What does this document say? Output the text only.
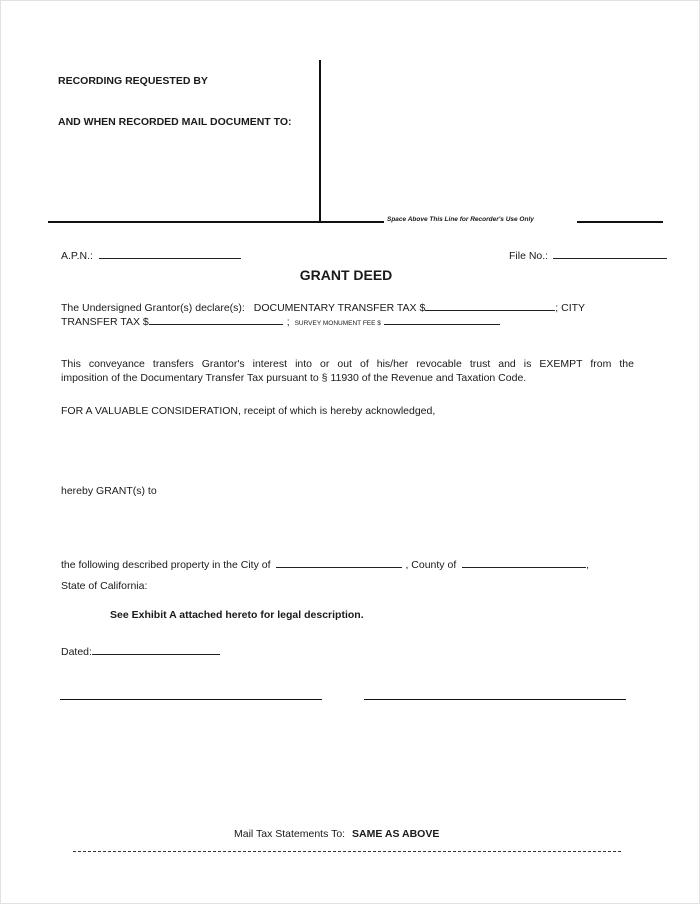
RECORDING REQUESTED BY
AND WHEN RECORDED MAIL DOCUMENT TO:
Space Above This Line for Recorder's Use Only
A.P.N.:	File No.:
GRANT DEED
The Undersigned Grantor(s) declare(s): DOCUMENTARY TRANSFER TAX $	; CITY
TRANSFER TAX $	; SURVEY MONUMENT FEE $
This conveyance transfers Grantor's interest into or out of his/her revocable trust and is EXEMPT from the
imposition of the Documentary Transfer Tax pursuant to § 11930 of the Revenue and Taxation Code.
FOR A VALUABLE CONSIDERATION, receipt of which is hereby acknowledged,
hereby GRANT(s) to
the following described property in the City of	, County of	,
State of California:
See Exhibit A attached hereto for legal description.
Dated:
Mail Tax Statements To: SAME AS ABOVE
